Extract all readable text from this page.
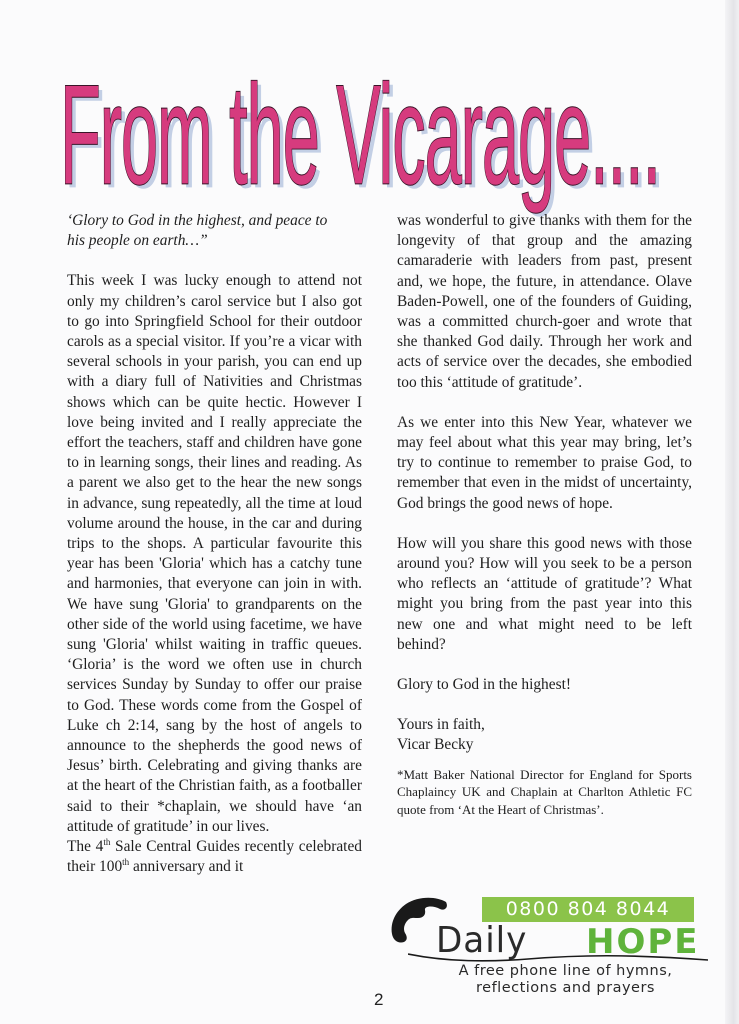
From the Vicarage....
From the Vicarage....

‘Glory to God in the highest, and peace to
his people on earth…”

This week I was lucky enough to attend not only my children’s carol service but I also got to go into Springfield School for their outdoor carols as a special visitor. If you’re a vicar with several schools in your parish, you can end up with a diary full of Nativities and Christmas shows which can be quite hectic. However I love being invited and I really appreciate the effort the teachers, staff and children have gone to in learning songs, their lines and reading. As a parent we also get to the hear the new songs in advance, sung repeatedly, all the time at loud volume around the house, in the car and during trips to the shops. A particular favourite this year has been 'Gloria' which has a catchy tune and harmonies, that everyone can join in with. We have sung 'Gloria' to grandparents on the other side of the world using facetime, we have sung 'Gloria' whilst waiting in traffic queues. ‘Gloria’ is the word we often use in church services Sunday by Sunday to offer our praise to God. These words come from the Gospel of Luke ch 2:14, sang by the host of angels to announce to the shepherds the good news of Jesus’ birth. Celebrating and giving thanks are at the heart of the Christian faith, as a footballer said to their *chaplain, we should have ‘an attitude of gratitude’ in our lives.

The 4th Sale Central Guides recently celebrated their 100th anniversary and it

was wonderful to give thanks with them for the longevity of that group and the amazing camaraderie with leaders from past, present and, we hope, the future, in attendance. Olave Baden-Powell, one of the founders of Guiding, was a committed church-goer and wrote that she thanked God daily. Through her work and acts of service over the decades, she embodied too this ‘attitude of gratitude’.

As we enter into this New Year, whatever we may feel about what this year may bring, let’s try to continue to remember to praise God, to remember that even in the midst of uncertainty, God brings the good news of hope.

How will you share this good news with those around you? How will you seek to be a person who reflects an ‘attitude of gratitude’? What might you bring from the past year into this new one and what might need to be left behind?

Glory to God in the highest!

Yours in faith,
Vicar Becky

*Matt Baker National Director for England for Sports Chaplaincy UK and Chaplain at Charlton Athletic FC quote from ‘At the Heart of Christmas’.

0800 804 8044
Daily HOPE
A free phone line of hymns,
reflections and prayers
2
